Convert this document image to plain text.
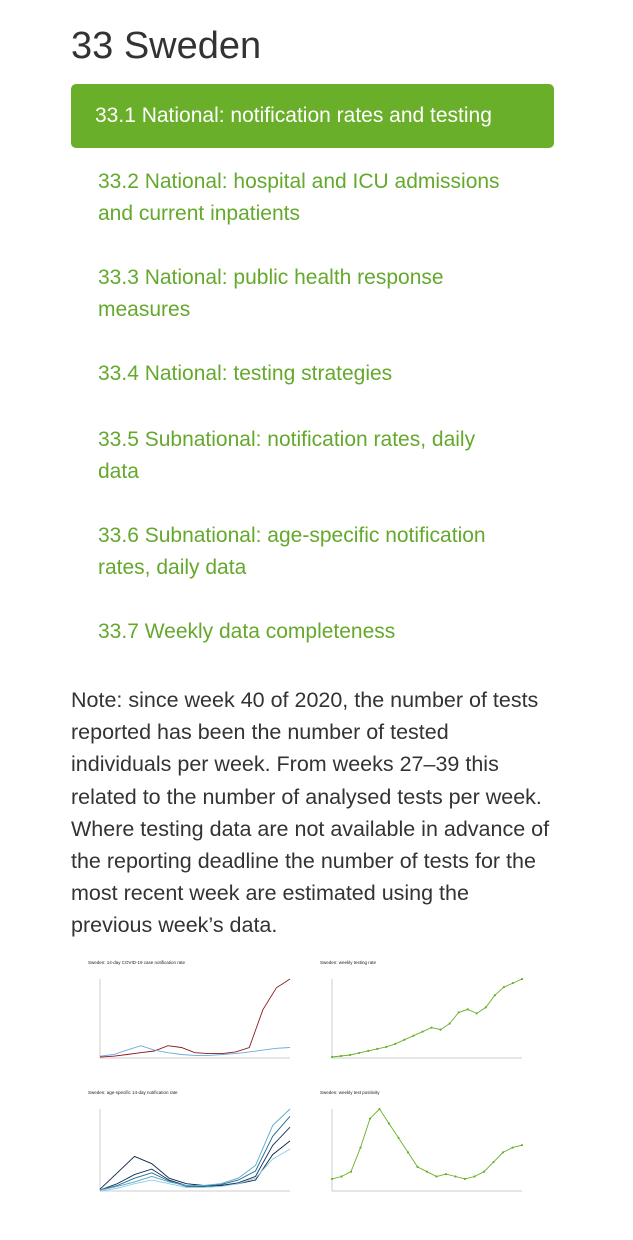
33 Sweden
33.1 National: notification rates and testing
33.2 National: hospital and ICU admissions
and current inpatients
33.3 National: public health response
measures
33.4 National: testing strategies
33.5 Subnational: notification rates, daily
data
33.6 Subnational: age-specific notification
rates, daily data
33.7 Weekly data completeness
Note: since week 40 of 2020, the number of tests
reported has been the number of tested
individuals per week. From weeks 27–39 this
related to the number of analysed tests per week.
Where testing data are not available in advance of
the reporting deadline the number of tests for the
most recent week are estimated using the
previous week’s data.
Sweden: 14-day COVID-19 case notification rate	Sweden: weekly testing rate
Sweden: age-specific 14-day notification rate	Sweden: weekly test positivity
